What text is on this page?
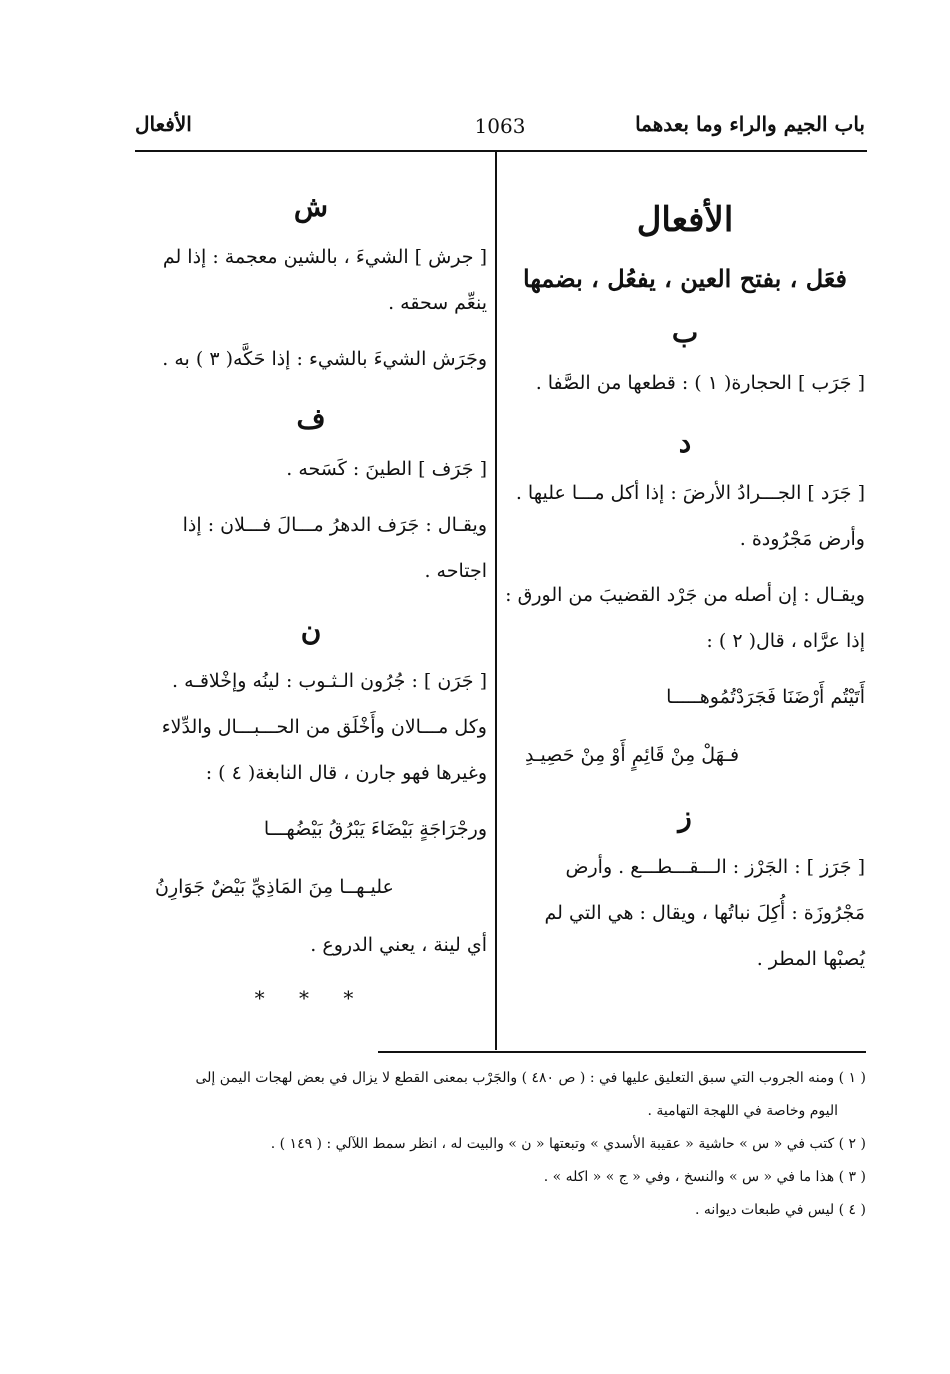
باب الجيم والراء وما بعدهما
1063
الأفعال
الأفعال
فعَل ، بفتح العين ، يفعُل ، بضمها
ب

[ جَرَب ] الحجارة( ١ ) : قطعها من الصَّفا .

د

[ جَرَد ] الجـــرادُ الأرضَ : إذا أكل مـــا عليها . وأرض مَجْرُودة .

ويقـال : إن أصله من جَرْد القضيبَ من الورق : إذا عرَّاه ، قال( ٢ ) :

أَتَيْتُم أَرْضَنَا فَجَرَدْتُمُوهـــــا

فـهَلْ مِنْ قَائِمٍ أَوْ مِنْ حَصِيـدِ

ز

[ جَرَز ] : الجَرْز : الـــقـــطـــع . وأرض مَجْرُوزَة : أُكِلَ نباتُها ، ويقال : هي التي لم يُصبْها المطر .

ش

[ جرش ] الشيءَ ، بالشين معجمة : إذا لم ينعِّم سحقه .

وجَرَش الشيءَ بالشيء : إذا حَكَّه( ٣ ) به .

ف

[ جَرَف ] الطينَ : كَسَحه .

ويقـال : جَرَف الدهرُ مـــالَ فـــلان : إذا اجتاحه .

ن

[ جَرَن ] : جُرُون الـثـوب : لينُه وإخْلاقـه . وكل مـــالان وأَخْلَق من الحـــبـــال والدِّلاء وغيرها فهو جارن ، قال النابغة( ٤ ) :

ورجْرَاجَةٍ بَيْضَاءَ يَبْرُقُ بَيْضُهـــا

عليـهــا مِنَ المَاذِيِّ بَيْضٌ جَوَارِنُ

أي لينة ، يعني الدروع .

* * *

( ١ ) ومنه الجروب التي سبق التعليق عليها في : ( ص ٤٨٠ ) والجَرْب بمعنى القطع لا يزال في بعض لهجات اليمن إلى

اليوم وخاصة في اللهجة التهامية .

( ٢ ) كتب في « س » حاشية « عقيبة الأسدي » وتبعتها « ن » والبيت له ، انظر سمط اللآلي : ( ١٤٩ ) .

( ٣ ) هذا ما في « س » والنسخ ، وفي « ج » « اكله » .

( ٤ ) ليس في طبعات ديوانه .
